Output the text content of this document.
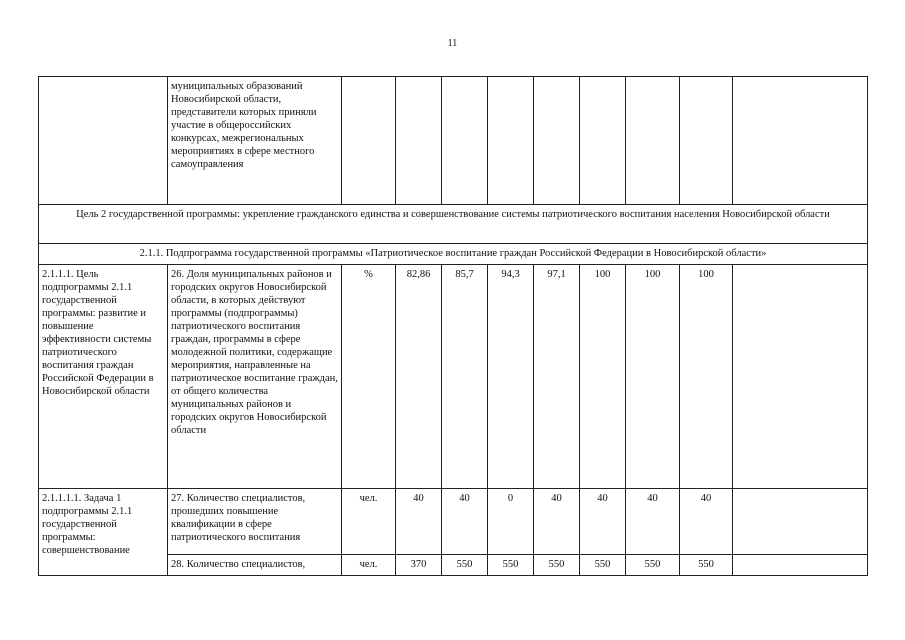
11
	муниципальных образований Новосибирской области, представители которых приняли участие в общероссийских конкурсах, межрегиональных мероприятиях в сфере местного самоуправления									
Цель 2 государственной программы: укрепление гражданского единства и совершенствование системы патриотического воспитания населения Новосибирской области										
2.1.1. Подпрограмма государственной программы «Патриотическое воспитание граждан Российской Федерации в Новосибирской области»										
2.1.1.1. Цель подпрограммы 2.1.1 государственной программы: развитие и повышение эффективности системы патриотического воспитания граждан Российской Федерации в Новосибирской области	26. Доля муниципальных районов и городских округов Новосибирской области, в которых действуют программы (подпрограммы) патриотического воспитания граждан, программы в сфере молодежной политики, содержащие мероприятия, направленные на патриотическое воспитание граждан, от общего количества муниципальных районов и городских округов Новосибирской области	%	82,86	85,7	94,3	97,1	100	100	100	
2.1.1.1.1. Задача 1 подпрограммы 2.1.1 государственной программы: совершенствование	27. Количество специалистов, прошедших повышение квалификации в сфере патриотического воспитания	чел.	40	40	0	40	40	40	40	
	28. Количество специалистов,	чел.	370	550	550	550	550	550	550	
